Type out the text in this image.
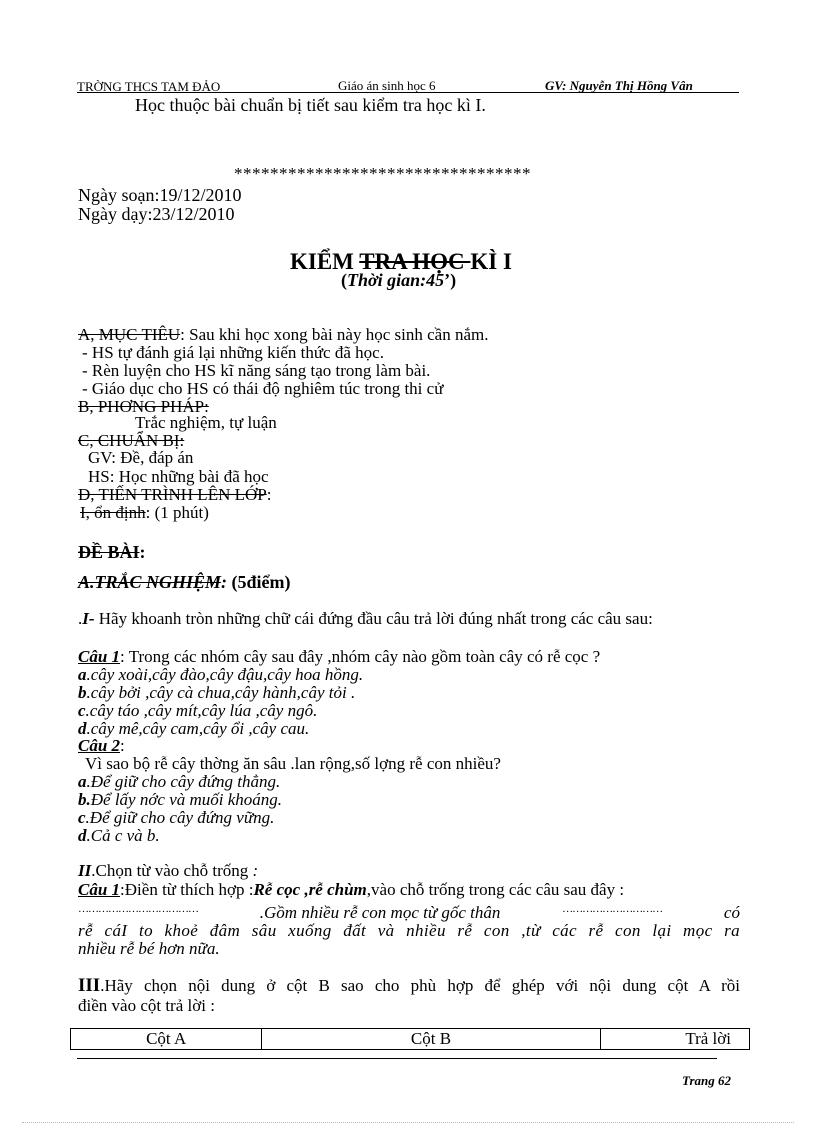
TRỜNG THCS TAM ĐẢO	Giáo án sinh học 6	GV: Nguyễn Thị Hồng Vân
Học thuộc bài chuẩn bị tiết sau kiểm tra học kì I.
*********************************
Ngày soạn:19/12/2010
Ngày dạy:23/12/2010
KIỂM TRA HỌC KÌ I
(Thời gian:45’)
A, MỤC TIÊU: Sau khi học xong bài này học sinh cần nắm.
- HS tự đánh giá lại những kiến thức đã học.
- Rèn luyện cho HS kĩ năng sáng tạo trong làm bài.
- Giáo dục cho HS có thái độ nghiêm túc trong thi cử
B, PHƠNG PHÁP:
Trắc nghiệm, tự luận
C, CHUẨN BỊ:
GV: Đề, đáp án
HS: Học những bài đã học
D, TIẾN TRÌNH LÊN LỚP:
I, ổn định: (1 phút)
ĐỀ BÀI:
A.TRẮC NGHIỆM: (5điểm)
.I- Hãy khoanh tròn những chữ cái đứng đầu câu trả lời đúng nhất trong các câu sau:
Câu 1: Trong các nhóm cây sau đây ,nhóm cây nào gồm toàn cây có rễ cọc ?
a.cây xoài,cây đào,cây đậu,cây hoa hồng.
b.cây bởi ,cây cà chua,cây hành,cây tỏi .
c.cây táo ,cây mít,cây lúa ,cây ngô.
d.cây mê,cây cam,cây ổi ,cây cau.
Câu 2:
Vì sao bộ rễ cây thờng ăn sâu .lan rộng,số lợng rễ con nhiều?
a.Để giữ cho cây đứng thẳng.
b.Để lấy nớc và muối khoáng.
c.Để giữ cho cây đứng vững.
d.Cả c và b.
II.Chọn từ vào chỗ trống :
Câu 1:Điền từ thích hợp :Rễ cọc ,rễ chùm,vào chỗ trống trong các câu sau đây :
………………………………	.Gồm nhiều rễ con mọc từ gốc thân	…………………………	có
rễ cáI to khoẻ đâm sâu xuống đất và nhiều rễ con ,từ các rễ con lại mọc ra
nhiều rễ bé hơn nữa.
III.Hãy chọn nội dung ở cột B sao cho phù hợp để ghép với nội dung cột A rồi
điền vào cột trả lời :
Cột A	Cột B	Trả lời
Trang 62
